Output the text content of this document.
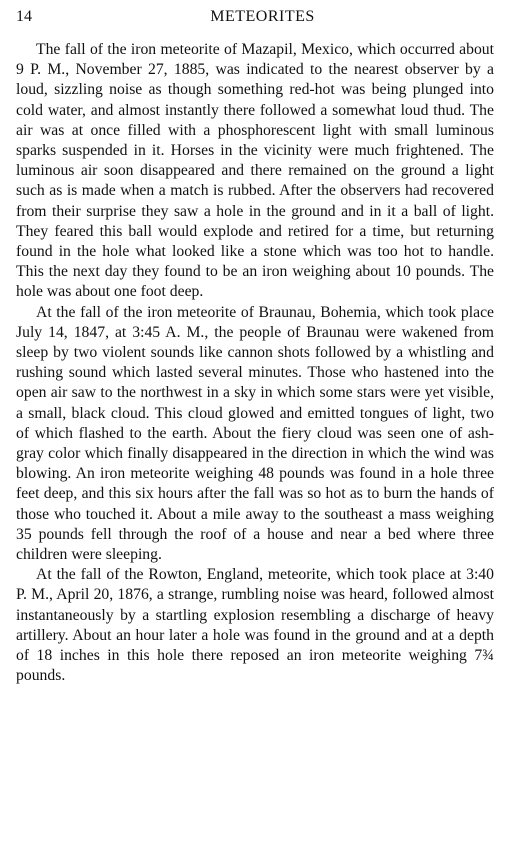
14	METEORITES

The fall of the iron meteorite of Mazapil, Mexico, which occurred about 9 P. M., November 27, 1885, was indicated to the nearest observer by a loud, sizzling noise as though something red-hot was being plunged into cold water, and almost instantly there followed a somewhat loud thud. The air was at once filled with a phosphorescent light with small luminous sparks suspended in it. Horses in the vicinity were much frightened. The luminous air soon disappeared and there remained on the ground a light such as is made when a match is rubbed. After the observers had recovered from their surprise they saw a hole in the ground and in it a ball of light. They feared this ball would explode and retired for a time, but returning found in the hole what looked like a stone which was too hot to handle. This the next day they found to be an iron weighing about 10 pounds. The hole was about one foot deep.

At the fall of the iron meteorite of Braunau, Bohemia, which took place July 14, 1847, at 3:45 A. M., the people of Braunau were wakened from sleep by two violent sounds like cannon shots followed by a whistling and rushing sound which lasted several minutes. Those who hastened into the open air saw to the northwest in a sky in which some stars were yet visible, a small, black cloud. This cloud glowed and emitted tongues of light, two of which flashed to the earth. About the fiery cloud was seen one of ash-gray color which finally disappeared in the direction in which the wind was blowing. An iron meteorite weighing 48 pounds was found in a hole three feet deep, and this six hours after the fall was so hot as to burn the hands of those who touched it. About a mile away to the southeast a mass weighing 35 pounds fell through the roof of a house and near a bed where three children were sleeping.

At the fall of the Rowton, England, meteorite, which took place at 3:40 P. M., April 20, 1876, a strange, rumbling noise was heard, followed almost instantaneously by a startling explosion resembling a discharge of heavy artillery. About an hour later a hole was found in the ground and at a depth of 18 inches in this hole there reposed an iron meteorite weighing 7¾ pounds.
